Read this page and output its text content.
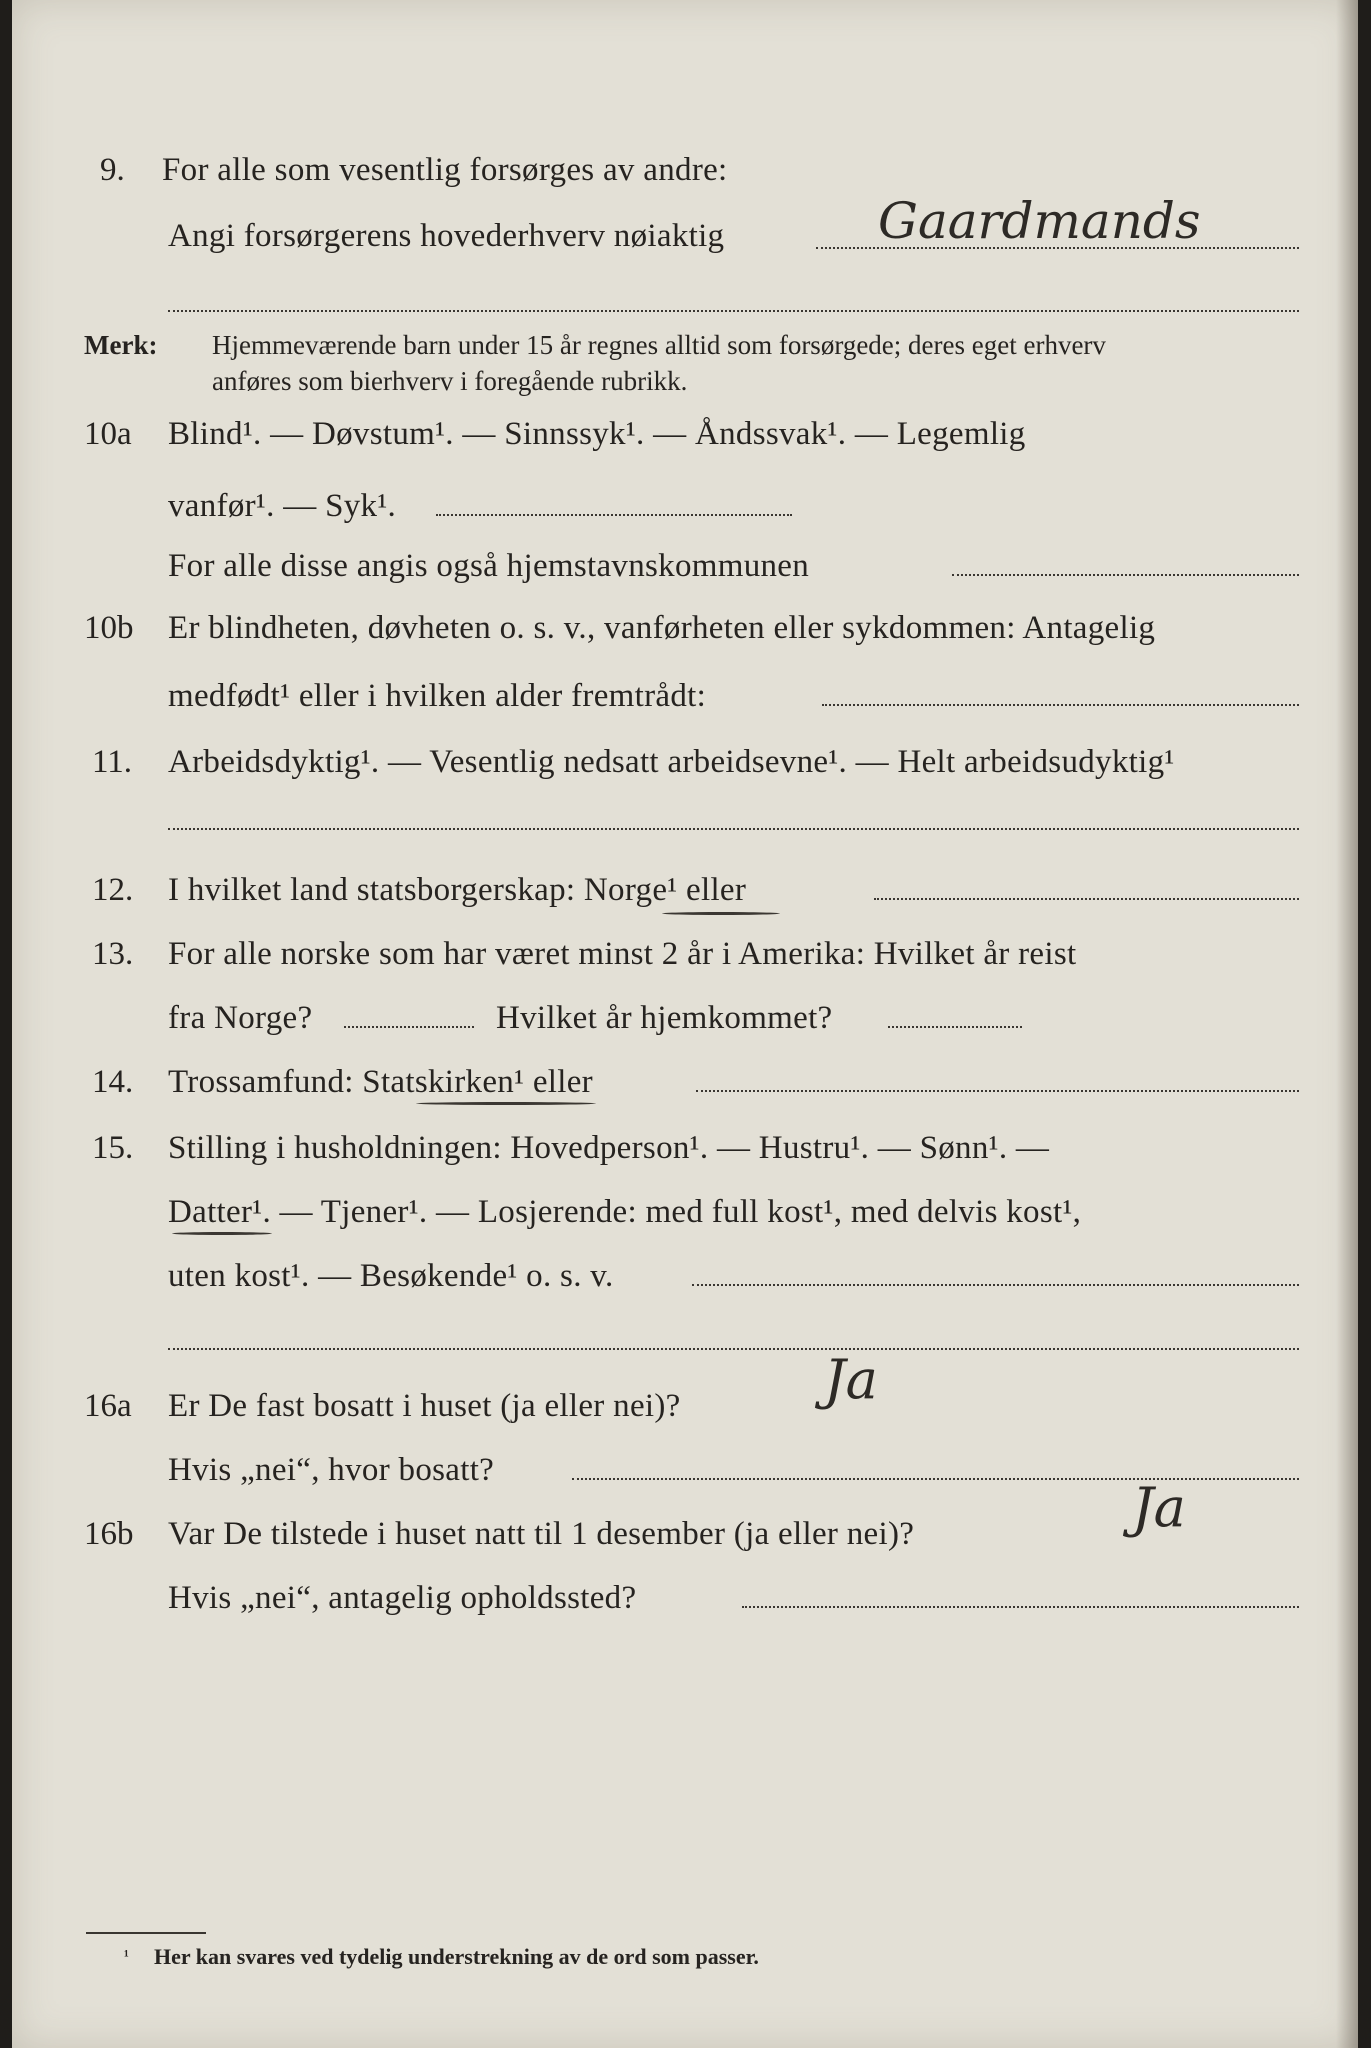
9. For alle som vesentlig forsørges av andre:
Angi forsørgerens hovederhverv nøiaktig	Gaardmands
Merk: Hjemmeværende barn under 15 år regnes alltid som forsørgede; deres eget erhverv
anføres som bierhverv i foregående rubrikk.
10a Blind¹. — Døvstum¹. — Sinnssyk¹. — Åndssvak¹. — Legemlig
vanfør¹. — Syk¹.
For alle disse angis også hjemstavnskommunen
10b Er blindheten, døvheten o. s. v., vanførheten eller sykdommen: Antagelig
medfødt¹ eller i hvilken alder fremtrådt:
11. Arbeidsdyktig¹. — Vesentlig nedsatt arbeidsevne¹. — Helt arbeidsudyktig¹
12. I hvilket land statsborgerskap: Norge¹ eller
13. For alle norske som har været minst 2 år i Amerika: Hvilket år reist
fra Norge?	Hvilket år hjemkommet?
14. Trossamfund: Statskirken¹ eller
15. Stilling i husholdningen: Hovedperson¹. — Hustru¹. — Sønn¹. —
Datter¹. — Tjener¹. — Losjerende: med full kost¹, med delvis kost¹,
uten kost¹. — Besøkende¹ o. s. v.
16a Er De fast bosatt i huset (ja eller nei)?	Ja
Hvis „nei“, hvor bosatt?
16b Var De tilstede i huset natt til 1 desember (ja eller nei)?	Ja
Hvis „nei“, antagelig opholdssted?
¹ Her kan svares ved tydelig understrekning av de ord som passer.
